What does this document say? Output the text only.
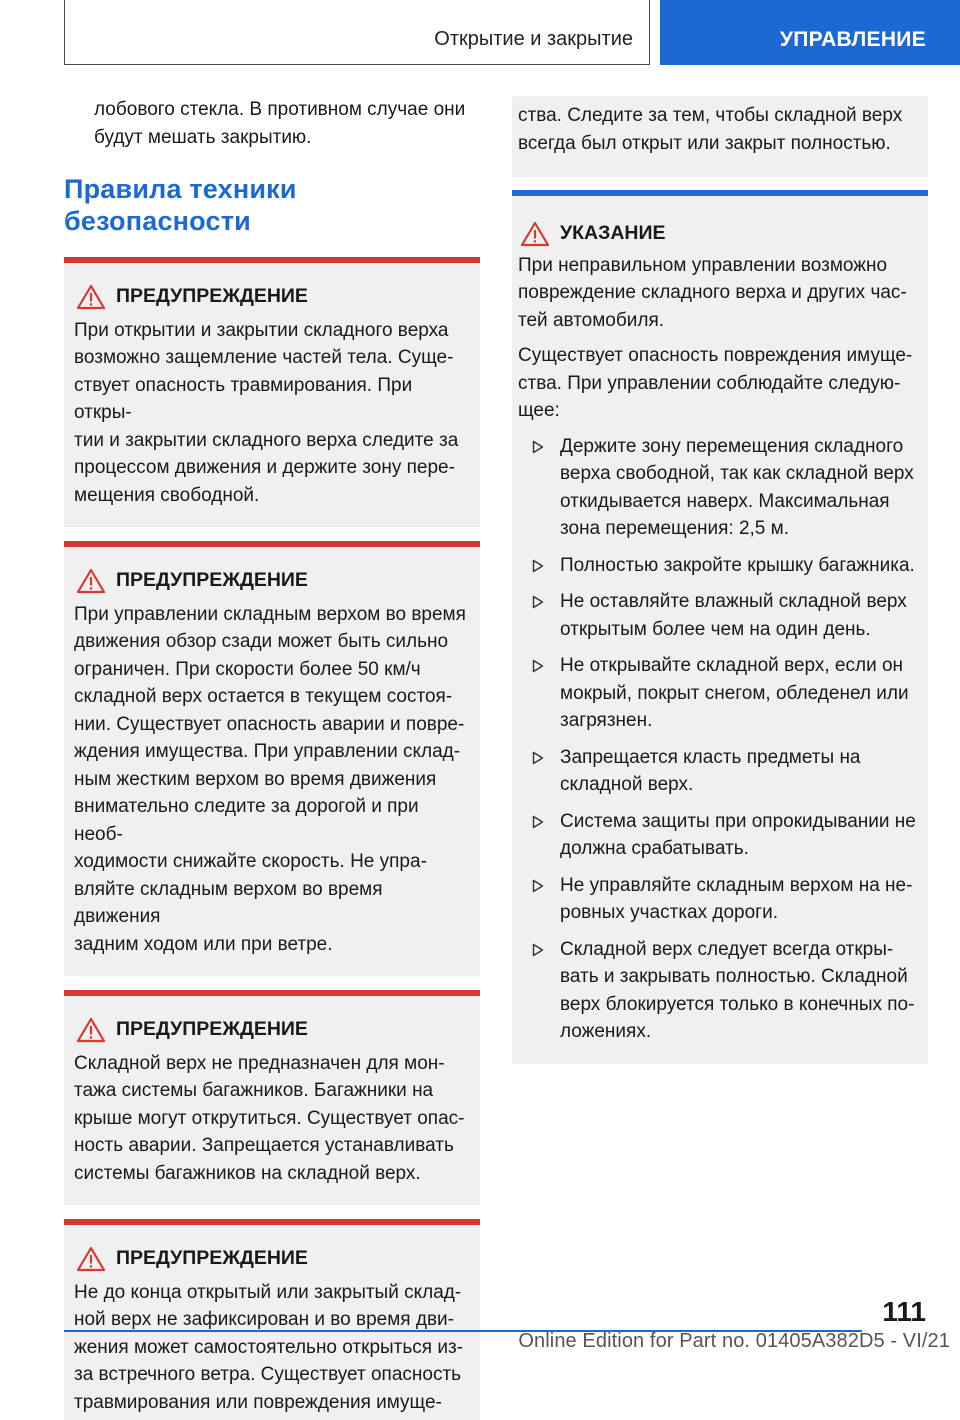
Открытие и закрытие	УПРАВЛЕНИЕ
лобового стекла. В противном случае они
будут мешать закрытию.
Правила техники безопасности
ПРЕДУПРЕЖДЕНИЕ

При открытии и закрытии складного верха
возможно защемление частей тела. Суще-
ствует опасность травмирования. При откры-
тии и закрытии складного верха следите за
процессом движения и держите зону пере-
мещения свободной.

ПРЕДУПРЕЖДЕНИЕ

При управлении складным верхом во время
движения обзор сзади может быть сильно
ограничен. При скорости более 50 км/ч
складной верх остается в текущем состоя-
нии. Существует опасность аварии и повре-
ждения имущества. При управлении склад-
ным жестким верхом во время движения
внимательно следите за дорогой и при необ-
ходимости снижайте скорость. Не упра-
вляйте складным верхом во время движения
задним ходом или при ветре.

ПРЕДУПРЕЖДЕНИЕ

Складной верх не предназначен для мон-
тажа системы багажников. Багажники на
крыше могут открутиться. Существует опас-
ность аварии. Запрещается устанавливать
системы багажников на складной верх.

ПРЕДУПРЕЖДЕНИЕ

Не до конца открытый или закрытый склад-
ной верх не зафиксирован и во время дви-
жения может самостоятельно открыться из-
за встречного ветра. Существует опасность
травмирования или повреждения имуще-

ства. Следите за тем, чтобы складной верх
всегда был открыт или закрыт полностью.
УКАЗАНИЕ

При неправильном управлении возможно
повреждение складного верха и других час-
тей автомобиля.

Существует опасность повреждения имуще-
ства. При управлении соблюдайте следую-
щее:

Держите зону перемещения складного
верха свободной, так как складной верх
откидывается наверх. Максимальная
зона перемещения: 2,5 м.
Полностью закройте крышку багажника.
Не оставляйте влажный складной верх
открытым более чем на один день.
Не открывайте складной верх, если он
мокрый, покрыт снегом, обледенел или
загрязнен.
Запрещается класть предметы на
складной верх.
Система защиты при опрокидывании не
должна срабатывать.
Не управляйте складным верхом на не-
ровных участках дороги.
Складной верх следует всегда откры-
вать и закрывать полностью. Складной
верх блокируется только в конечных по-
ложениях.
111
Online Edition for Part no. 01405A382D5 - VI/21
